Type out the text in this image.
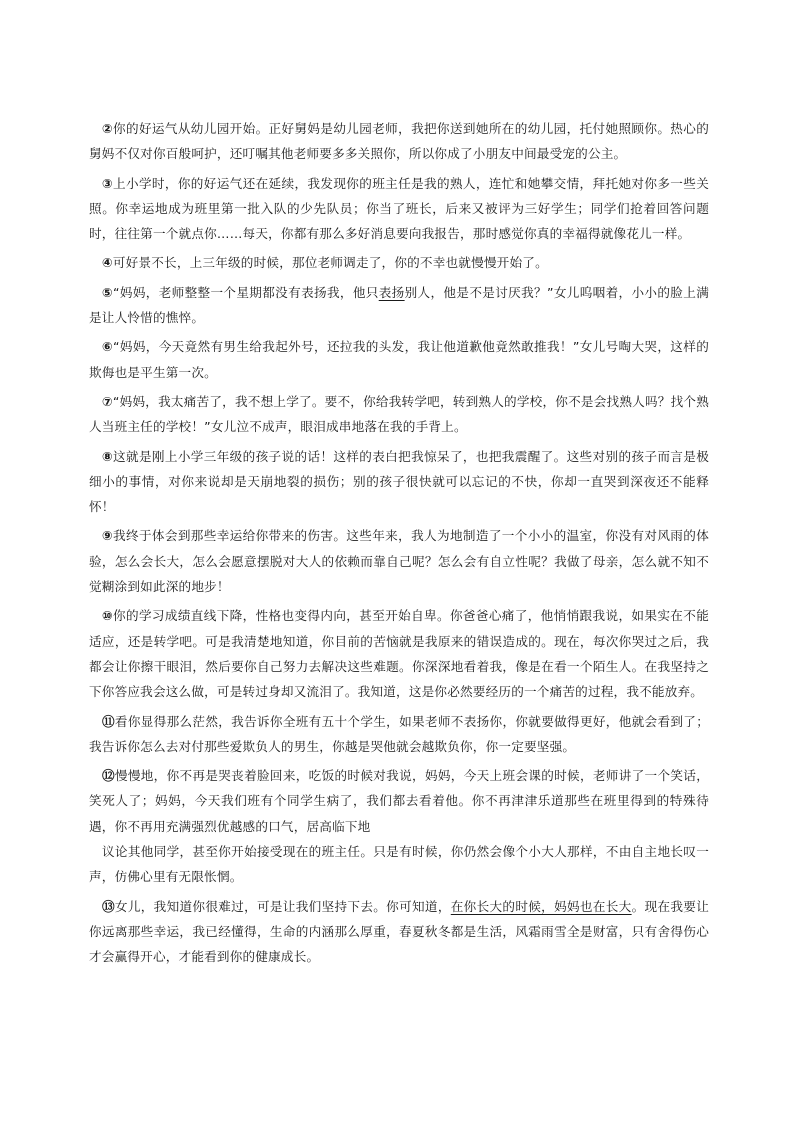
②你的好运气从幼儿园开始。正好舅妈是幼儿园老师，我把你送到她所在的幼儿园，托付她照顾你。热心的舅妈不仅对你百般呵护，还叮嘱其他老师要多多关照你，所以你成了小朋友中间最受宠的公主。

③上小学时，你的好运气还在延续，我发现你的班主任是我的熟人，连忙和她攀交情，拜托她对你多一些关照。你幸运地成为班里第一批入队的少先队员；你当了班长，后来又被评为三好学生；同学们抢着回答问题时，往往第一个就点你……每天，你都有那么多好消息要向我报告，那时感觉你真的幸福得就像花儿一样。

④可好景不长，上三年级的时候，那位老师调走了，你的不幸也就慢慢开始了。

⑤“妈妈，老师整整一个星期都没有表扬我，他只表扬别人，他是不是讨厌我？”女儿呜咽着，小小的脸上满是让人怜惜的憔悴。

⑥“妈妈，今天竟然有男生给我起外号，还拉我的头发，我让他道歉他竟然敢推我！”女儿号啕大哭，这样的欺侮也是平生第一次。

⑦“妈妈，我太痛苦了，我不想上学了。要不，你给我转学吧，转到熟人的学校，你不是会找熟人吗？找个熟人当班主任的学校！”女儿泣不成声，眼泪成串地落在我的手背上。

⑧这就是刚上小学三年级的孩子说的话！这样的表白把我惊呆了，也把我震醒了。这些对别的孩子而言是极细小的事情，对你来说却是天崩地裂的损伤；别的孩子很快就可以忘记的不快，你却一直哭到深夜还不能释怀！

⑨我终于体会到那些幸运给你带来的伤害。这些年来，我人为地制造了一个小小的温室，你没有对风雨的体验，怎么会长大，怎么会愿意摆脱对大人的依赖而靠自己呢？怎么会有自立性呢？我做了母亲，怎么就不知不觉糊涂到如此深的地步！

⑩你的学习成绩直线下降，性格也变得内向，甚至开始自卑。你爸爸心痛了，他悄悄跟我说，如果实在不能适应，还是转学吧。可是我清楚地知道，你目前的苦恼就是我原来的错误造成的。现在，每次你哭过之后，我都会让你擦干眼泪，然后要你自己努力去解决这些难题。你深深地看着我，像是在看一个陌生人。在我坚持之下你答应我会这么做，可是转过身却又流泪了。我知道，这是你必然要经历的一个痛苦的过程，我不能放弃。

⑪看你显得那么茫然，我告诉你全班有五十个学生，如果老师不表扬你，你就要做得更好，他就会看到了；我告诉你怎么去对付那些爱欺负人的男生，你越是哭他就会越欺负你，你一定要坚强。

⑫慢慢地，你不再是哭丧着脸回来，吃饭的时候对我说，妈妈，今天上班会课的时候，老师讲了一个笑话，笑死人了；妈妈，今天我们班有个同学生病了，我们都去看着他。你不再津津乐道那些在班里得到的特殊待遇，你不再用充满强烈优越感的口气，居高临下地

议论其他同学，甚至你开始接受现在的班主任。只是有时候，你仍然会像个小大人那样，不由自主地长叹一声，仿佛心里有无限怅惘。

⑬女儿，我知道你很难过，可是让我们坚持下去。你可知道，在你长大的时候，妈妈也在长大。现在我要让你远离那些幸运，我已经懂得，生命的内涵那么厚重，春夏秋冬都是生活，风霜雨雪全是财富，只有舍得伤心才会赢得开心，才能看到你的健康成长。
